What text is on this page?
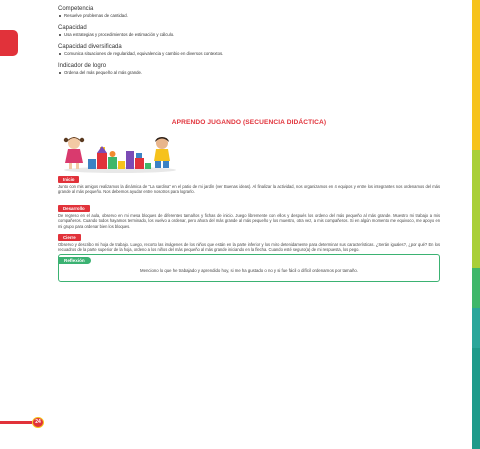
Competencia
Resuelve problemas de cantidad.
Capacidad
Usa estrategias y procedimientos de estimación y cálculo.
Capacidad diversificada
Comunica situaciones de regularidad, equivalencia y cambio en diversos contextos.
Indicador de logro
Ordena del más pequeño al más grande.
APRENDO JUGANDO (SECUENCIA DIDÁCTICA)
Inicio
Junto con mis amigos realizamos la dinámica de "La sardina" en el patio de mi jardín (ver Buenas ideas). Al finalizar la actividad, nos organizamos en 4 equipos y entre los integrantes nos ordenamos del más grande al más pequeño. Nos debemos ayudar entre nosotros para lograrlo.
Desarrollo
De regreso en el aula, observo en mi mesa bloques de diferentes tamaños y fichas de inicio. Juego libremente con ellos y después los ordeno del más pequeño al más grande. Muestro mi trabajo a mis compañeros. Cuando todos hayamos terminado, los vuelvo a ordenar, pero ahora del más grande al más pequeño y los muestro, otra vez, a mis compañeros. Si en algún momento me equivoco, me apoyo en mi grupo para ordenar bien los bloques.
Cierre
Observo y describo mi hoja de trabajo. Luego, recorto las imágenes de los niños que están en la parte inferior y los miro detenidamente para determinar sus características. ¿Serán iguales?, ¿por qué? En los recuadros de la parte superior de la hoja, ordeno a los niños del más pequeño al más grande iniciando en la flecha. Cuando esté seguro(a) de mi respuesta, los pego.
Reflexión
Menciono lo que he trabajado y aprendido hoy, si me ha gustado o no y si fue fácil o difícil ordenarnos por tamaño.
24
